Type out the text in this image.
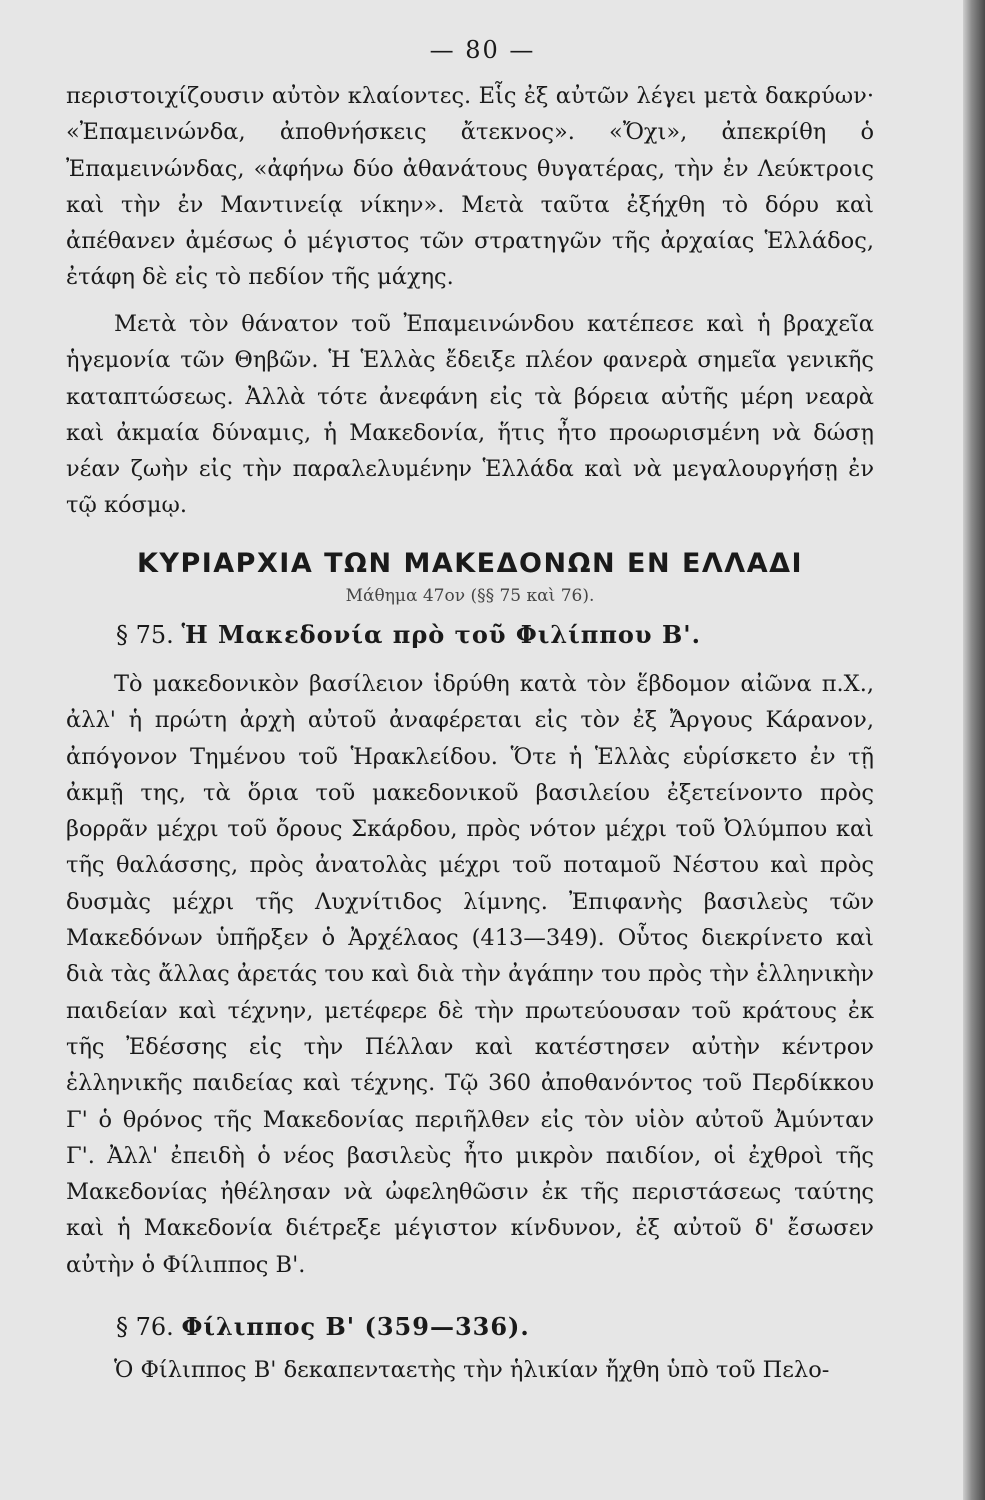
— 80 —

περιστοιχίζουσιν αὐτὸν κλαίοντες. Εἷς ἐξ αὐτῶν λέγει μετὰ δακρύων· «Ἐπαμεινώνδα, ἀποθνήσκεις ἄτεκνος». «Ὄχι», ἀπεκρίθη ὁ Ἐπαμεινώνδας, «ἀφήνω δύο ἀθανάτους θυγατέρας, τὴν ἐν Λεύκτροις καὶ τὴν ἐν Μαντινείᾳ νίκην». Μετὰ ταῦτα ἐξήχθη τὸ δόρυ καὶ ἀπέθανεν ἀμέσως ὁ μέγιστος τῶν στρατηγῶν τῆς ἀρχαίας Ἑλλάδος, ἐτάφη δὲ εἰς τὸ πεδίον τῆς μάχης.

Μετὰ τὸν θάνατον τοῦ Ἐπαμεινώνδου κατέπεσε καὶ ἡ βραχεῖα ἡγεμονία τῶν Θηβῶν. Ἡ Ἑλλὰς ἔδειξε πλέον φανερὰ σημεῖα γενικῆς καταπτώσεως. Ἀλλὰ τότε ἀνεφάνη εἰς τὰ βόρεια αὐτῆς μέρη νεαρὰ καὶ ἀκμαία δύναμις, ἡ Μακεδονία, ἥτις ἦτο προωρισμένη νὰ δώσῃ νέαν ζωὴν εἰς τὴν παραλελυμένην Ἑλλάδα καὶ νὰ μεγαλουργήσῃ ἐν τῷ κόσμῳ.

ΚΥΡΙΑΡΧΙΑ ΤΩΝ ΜΑΚΕΔΟΝΩΝ ΕΝ ΕΛΛΑΔΙ

Μάθημα 47ον (§§ 75 καὶ 76).

§ 75. Ἡ Μακεδονία πρὸ τοῦ Φιλίππου Β'.

Τὸ μακεδονικὸν βασίλειον ἱδρύθη κατὰ τὸν ἕβδομον αἰῶνα π.Χ., ἀλλ' ἡ πρώτη ἀρχὴ αὐτοῦ ἀναφέρεται εἰς τὸν ἐξ Ἄργους Κάρανον, ἀπόγονον Τημένου τοῦ Ἡρακλείδου. Ὅτε ἡ Ἑλλὰς εὑρίσκετο ἐν τῇ ἀκμῇ της, τὰ ὅρια τοῦ μακεδονικοῦ βασιλείου ἐξετείνοντο πρὸς βορρᾶν μέχρι τοῦ ὄρους Σκάρδου, πρὸς νότον μέχρι τοῦ Ὀλύμπου καὶ τῆς θαλάσσης, πρὸς ἀνατολὰς μέχρι τοῦ ποταμοῦ Νέστου καὶ πρὸς δυσμὰς μέχρι τῆς Λυχνίτιδος λίμνης. Ἐπιφανὴς βασιλεὺς τῶν Μακεδόνων ὑπῆρξεν ὁ Ἀρχέλαος (413—349). Οὗτος διεκρίνετο καὶ διὰ τὰς ἄλλας ἀρετάς του καὶ διὰ τὴν ἀγάπην του πρὸς τὴν ἑλληνικὴν παιδείαν καὶ τέχνην, μετέφερε δὲ τὴν πρωτεύουσαν τοῦ κράτους ἐκ τῆς Ἐδέσσης εἰς τὴν Πέλλαν καὶ κατέστησεν αὐτὴν κέντρον ἑλληνικῆς παιδείας καὶ τέχνης. Τῷ 360 ἀποθανόντος τοῦ Περδίκκου Γ' ὁ θρόνος τῆς Μακεδονίας περιῆλθεν εἰς τὸν υἱὸν αὐτοῦ Ἀμύνταν Γ'. Ἀλλ' ἐπειδὴ ὁ νέος βασιλεὺς ἦτο μικρὸν παιδίον, οἱ ἐχθροὶ τῆς Μακεδονίας ἠθέλησαν νὰ ὠφεληθῶσιν ἐκ τῆς περιστάσεως ταύτης καὶ ἡ Μακεδονία διέτρεξε μέγιστον κίνδυνον, ἐξ αὐτοῦ δ' ἔσωσεν αὐτὴν ὁ Φίλιππος Β'.

§ 76. Φίλιππος Β' (359—336).

Ὁ Φίλιππος Β' δεκαπενταετὴς τὴν ἡλικίαν ἤχθη ὑπὸ τοῦ Πελο-
